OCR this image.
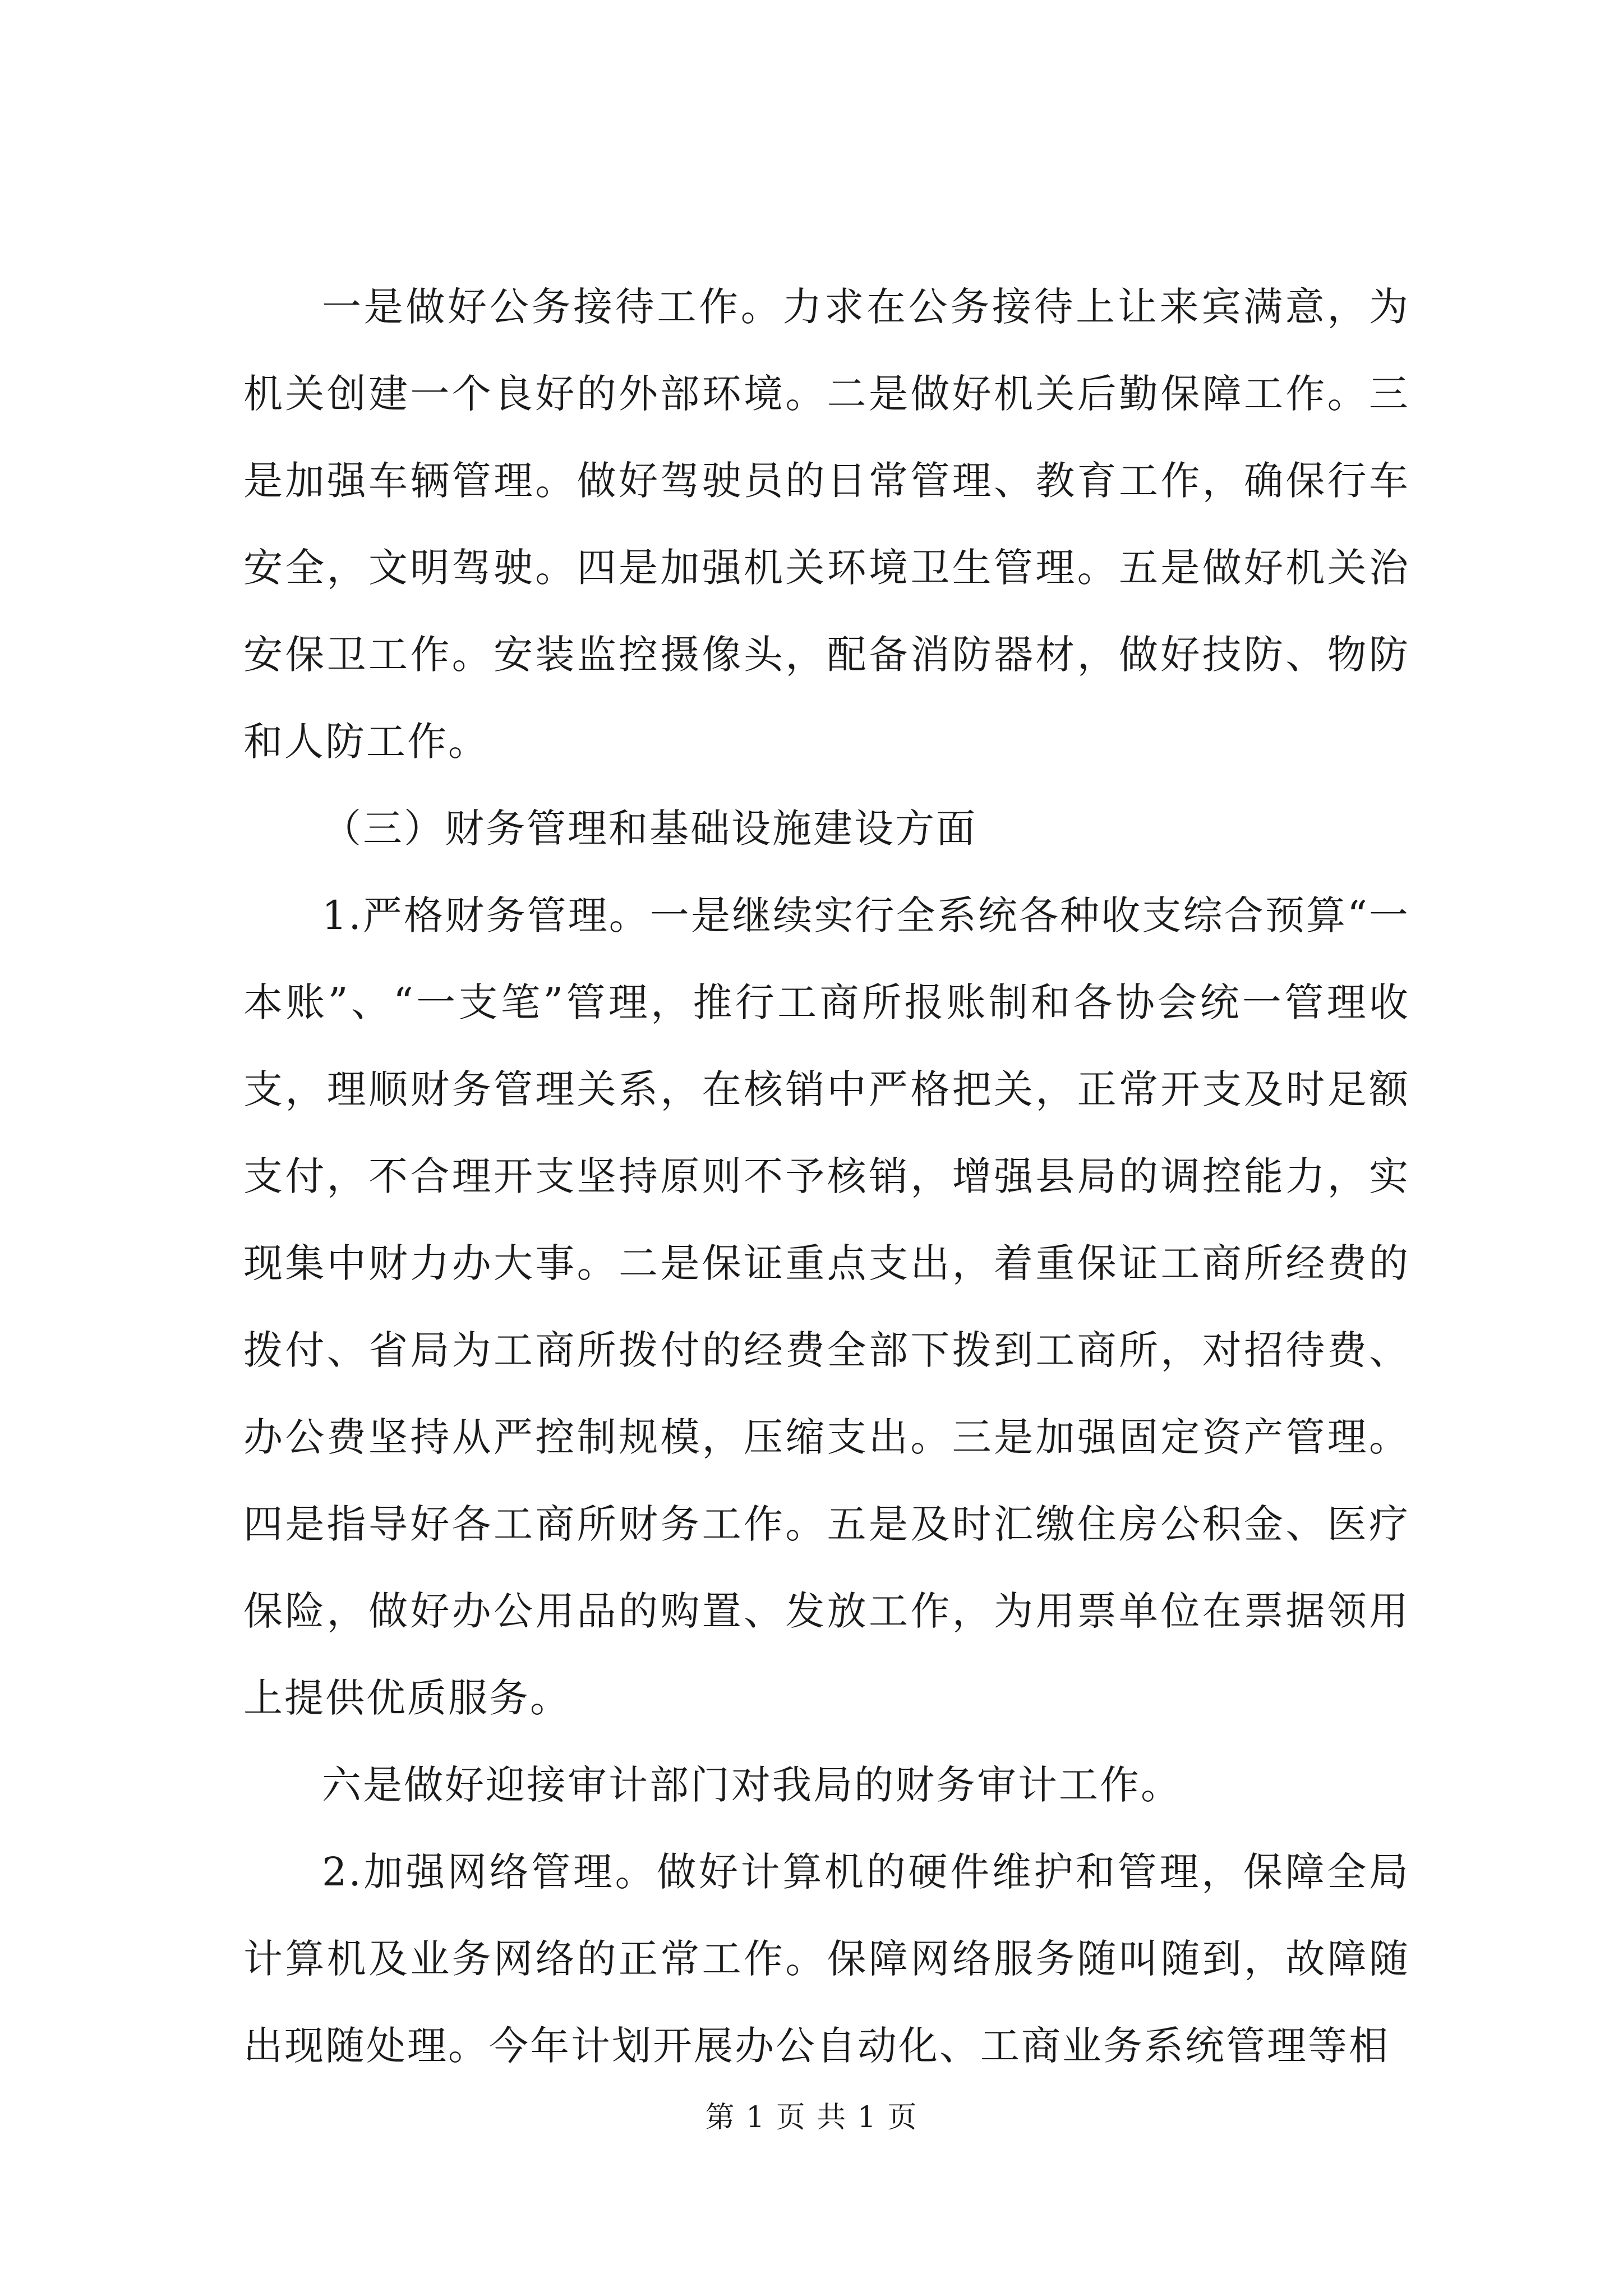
一是做好公务接待工作。力求在公务接待上让来宾满意，为机关创建一个良好的外部环境。二是做好机关后勤保障工作。三是加强车辆管理。做好驾驶员的日常管理、教育工作，确保行车安全，文明驾驶。四是加强机关环境卫生管理。五是做好机关治安保卫工作。安装监控摄像头，配备消防器材，做好技防、物防和人防工作。

（三）财务管理和基础设施建设方面

1.严格财务管理。一是继续实行全系统各种收支综合预算“一本账”、“一支笔”管理，推行工商所报账制和各协会统一管理收支，理顺财务管理关系，在核销中严格把关，正常开支及时足额支付，不合理开支坚持原则不予核销，增强县局的调控能力，实现集中财力办大事。二是保证重点支出，着重保证工商所经费的拨付、省局为工商所拨付的经费全部下拨到工商所，对招待费、办公费坚持从严控制规模，压缩支出。三是加强固定资产管理。四是指导好各工商所财务工作。五是及时汇缴住房公积金、医疗保险，做好办公用品的购置、发放工作，为用票单位在票据领用上提供优质服务。

六是做好迎接审计部门对我局的财务审计工作。

2.加强网络管理。做好计算机的硬件维护和管理，保障全局计算机及业务网络的正常工作。保障网络服务随叫随到，故障随出现随处理。今年计划开展办公自动化、工商业务系统管理等相

第 1 页 共 1 页
